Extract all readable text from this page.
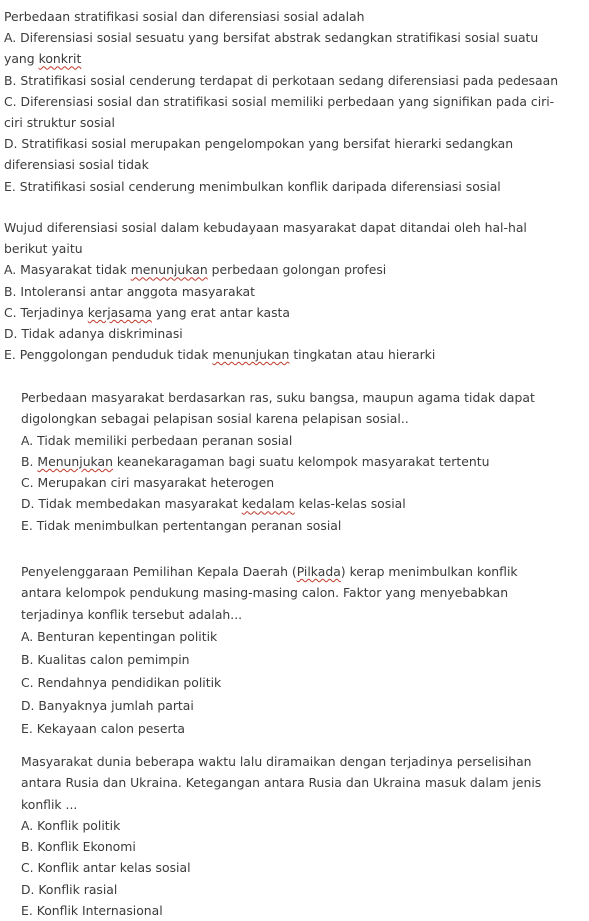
Perbedaan stratifikasi sosial dan diferensiasi sosial adalah
A. Diferensiasi sosial sesuatu yang bersifat abstrak sedangkan stratifikasi sosial suatu
yang konkrit
B. Stratifikasi sosial cenderung terdapat di perkotaan sedang diferensiasi pada pedesaan
C. Diferensiasi sosial dan stratifikasi sosial memiliki perbedaan yang signifikan pada ciri-
ciri struktur sosial
D. Stratifikasi sosial merupakan pengelompokan yang bersifat hierarki sedangkan
diferensiasi sosial tidak
E. Stratifikasi sosial cenderung menimbulkan konflik daripada diferensiasi sosial
Wujud diferensiasi sosial dalam kebudayaan masyarakat dapat ditandai oleh hal-hal
berikut yaitu
A. Masyarakat tidak menunjukan perbedaan golongan profesi
B. Intoleransi antar anggota masyarakat
C. Terjadinya kerjasama yang erat antar kasta
D. Tidak adanya diskriminasi
E. Penggolongan penduduk tidak menunjukan tingkatan atau hierarki
Perbedaan masyarakat berdasarkan ras, suku bangsa, maupun agama tidak dapat
digolongkan sebagai pelapisan sosial karena pelapisan sosial..
A. Tidak memiliki perbedaan peranan sosial
B. Menunjukan keanekaragaman bagi suatu kelompok masyarakat tertentu
C. Merupakan ciri masyarakat heterogen
D. Tidak membedakan masyarakat kedalam kelas-kelas sosial
E. Tidak menimbulkan pertentangan peranan sosial
Penyelenggaraan Pemilihan Kepala Daerah (Pilkada) kerap menimbulkan konflik
antara kelompok pendukung masing-masing calon. Faktor yang menyebabkan
terjadinya konflik tersebut adalah...
A. Benturan kepentingan politik
B. Kualitas calon pemimpin
C. Rendahnya pendidikan politik
D. Banyaknya jumlah partai
E. Kekayaan calon peserta
Masyarakat dunia beberapa waktu lalu diramaikan dengan terjadinya perselisihan
antara Rusia dan Ukraina. Ketegangan antara Rusia dan Ukraina masuk dalam jenis
konflik ...
A. Konflik politik
B. Konflik Ekonomi
C. Konflik antar kelas sosial
D. Konflik rasial
E. Konflik Internasional
